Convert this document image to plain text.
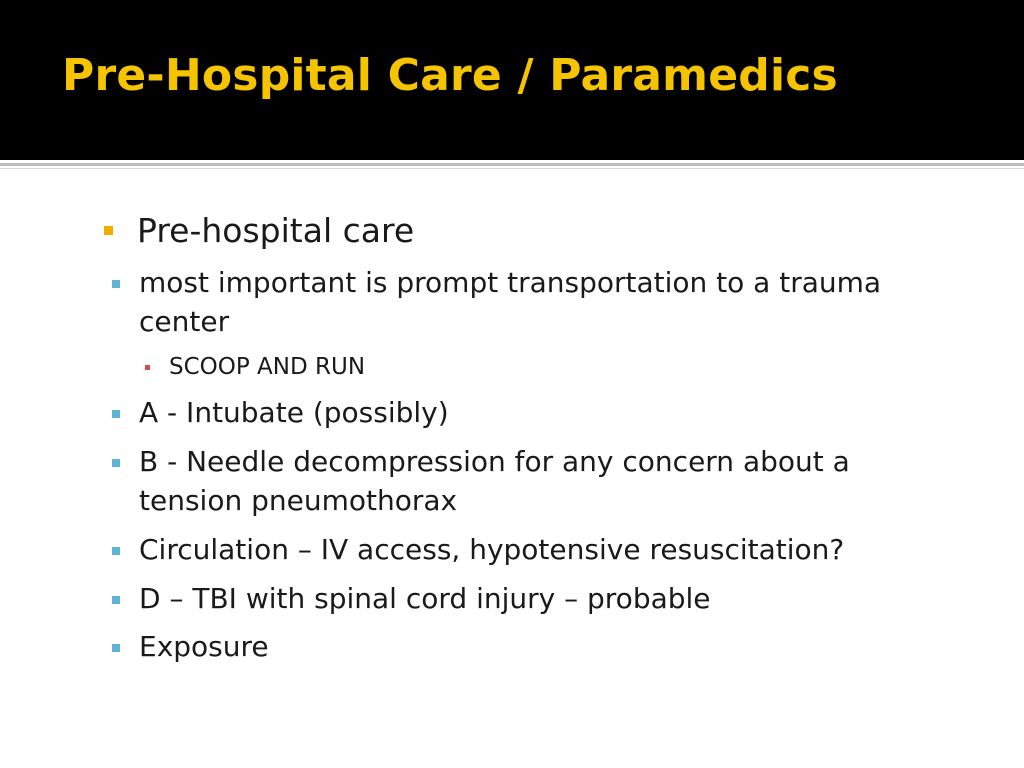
Pre-Hospital Care / Paramedics
Pre-hospital care
most important is prompt transportation to a trauma
center
SCOOP AND RUN
A - Intubate (possibly)
B - Needle decompression for any concern about a
tension pneumothorax
Circulation – IV access, hypotensive resuscitation?
D – TBI with spinal cord injury – probable
Exposure
